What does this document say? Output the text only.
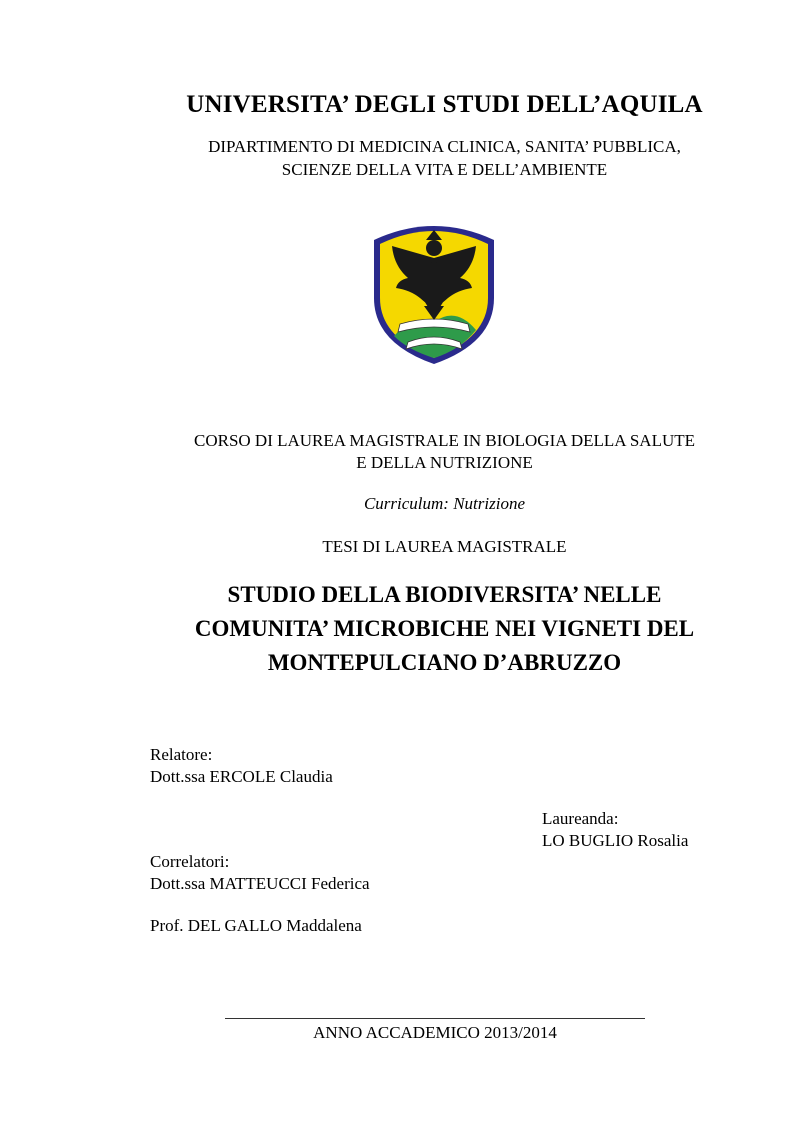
UNIVERSITA’ DEGLI STUDI DELL’AQUILA
DIPARTIMENTO DI MEDICINA CLINICA, SANITA’ PUBBLICA,
SCIENZE DELLA VITA E DELL’AMBIENTE
CORSO DI LAUREA MAGISTRALE IN BIOLOGIA DELLA SALUTE
E DELLA NUTRIZIONE
Curriculum: Nutrizione
TESI DI LAUREA MAGISTRALE
STUDIO DELLA BIODIVERSITA’ NELLE
COMUNITA’ MICROBICHE NEI VIGNETI DEL
MONTEPULCIANO D’ABRUZZO
Relatore:
Dott.ssa ERCOLE Claudia
Laureanda:
LO BUGLIO Rosalia
Correlatori:
Dott.ssa MATTEUCCI Federica
Prof. DEL GALLO Maddalena
ANNO ACCADEMICO 2013/2014
